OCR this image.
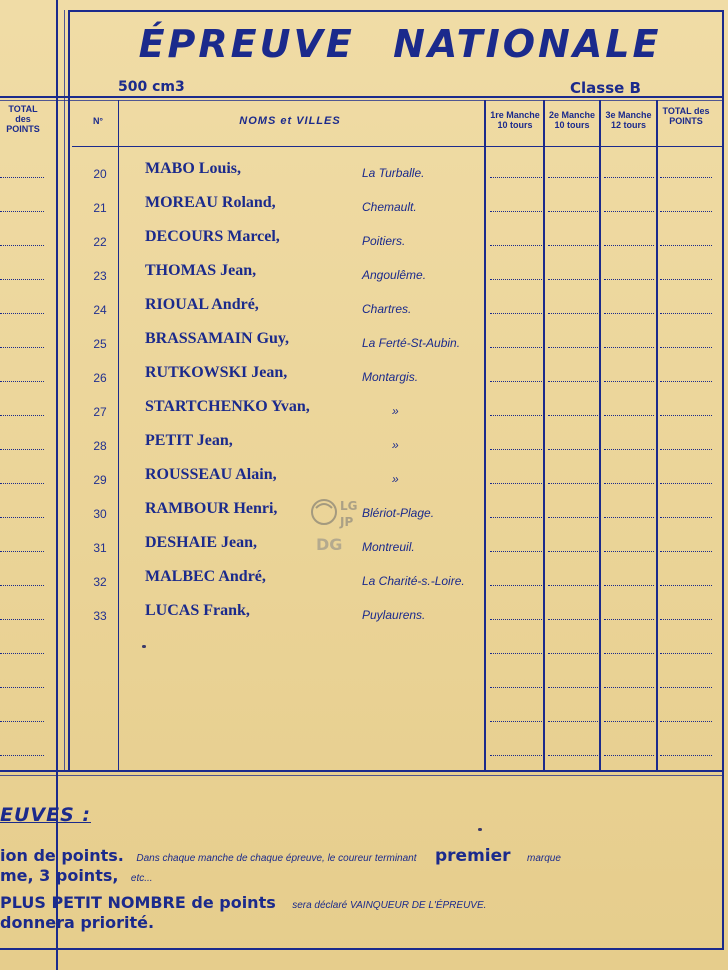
ÉPREUVE NATIONALE
500 cm3	Classe B
TOTAL des POINTS
N°	NOMS et VILLES	1re Manche 10 tours
2e Manche 10 tours
3e Manche 12 tours
TOTAL des POINTS
20	MABO Louis,	La Turballe.
21	MOREAU Roland,	Chemault.
22	DECOURS Marcel,	Poitiers.
23	THOMAS Jean,	Angoulême.
24	RIOUAL André,	Chartres.
25	BRASSAMAIN Guy,	La Ferté-St-Aubin.
26	RUTKOWSKI Jean,	Montargis.
27	STARTCHENKO Yvan,	»
28	PETIT Jean,	»
29	ROUSSEAU Alain,	»
30	RAMBOUR Henri,	Blériot-Plage.
31	DESHAIE Jean,	Montreuil.
32	MALBEC André,	La Charité-s.-Loire.
33	LUCAS Frank,	Puylaurens.
LG
JP
DG
EUVES :
ion de points. Dans chaque manche de chaque épreuve, le coureur terminant premier marque
me, 3 points, etc...
PLUS PETIT NOMBRE de points sera déclaré VAINQUEUR DE L'ÉPREUVE.
donnera priorité.
